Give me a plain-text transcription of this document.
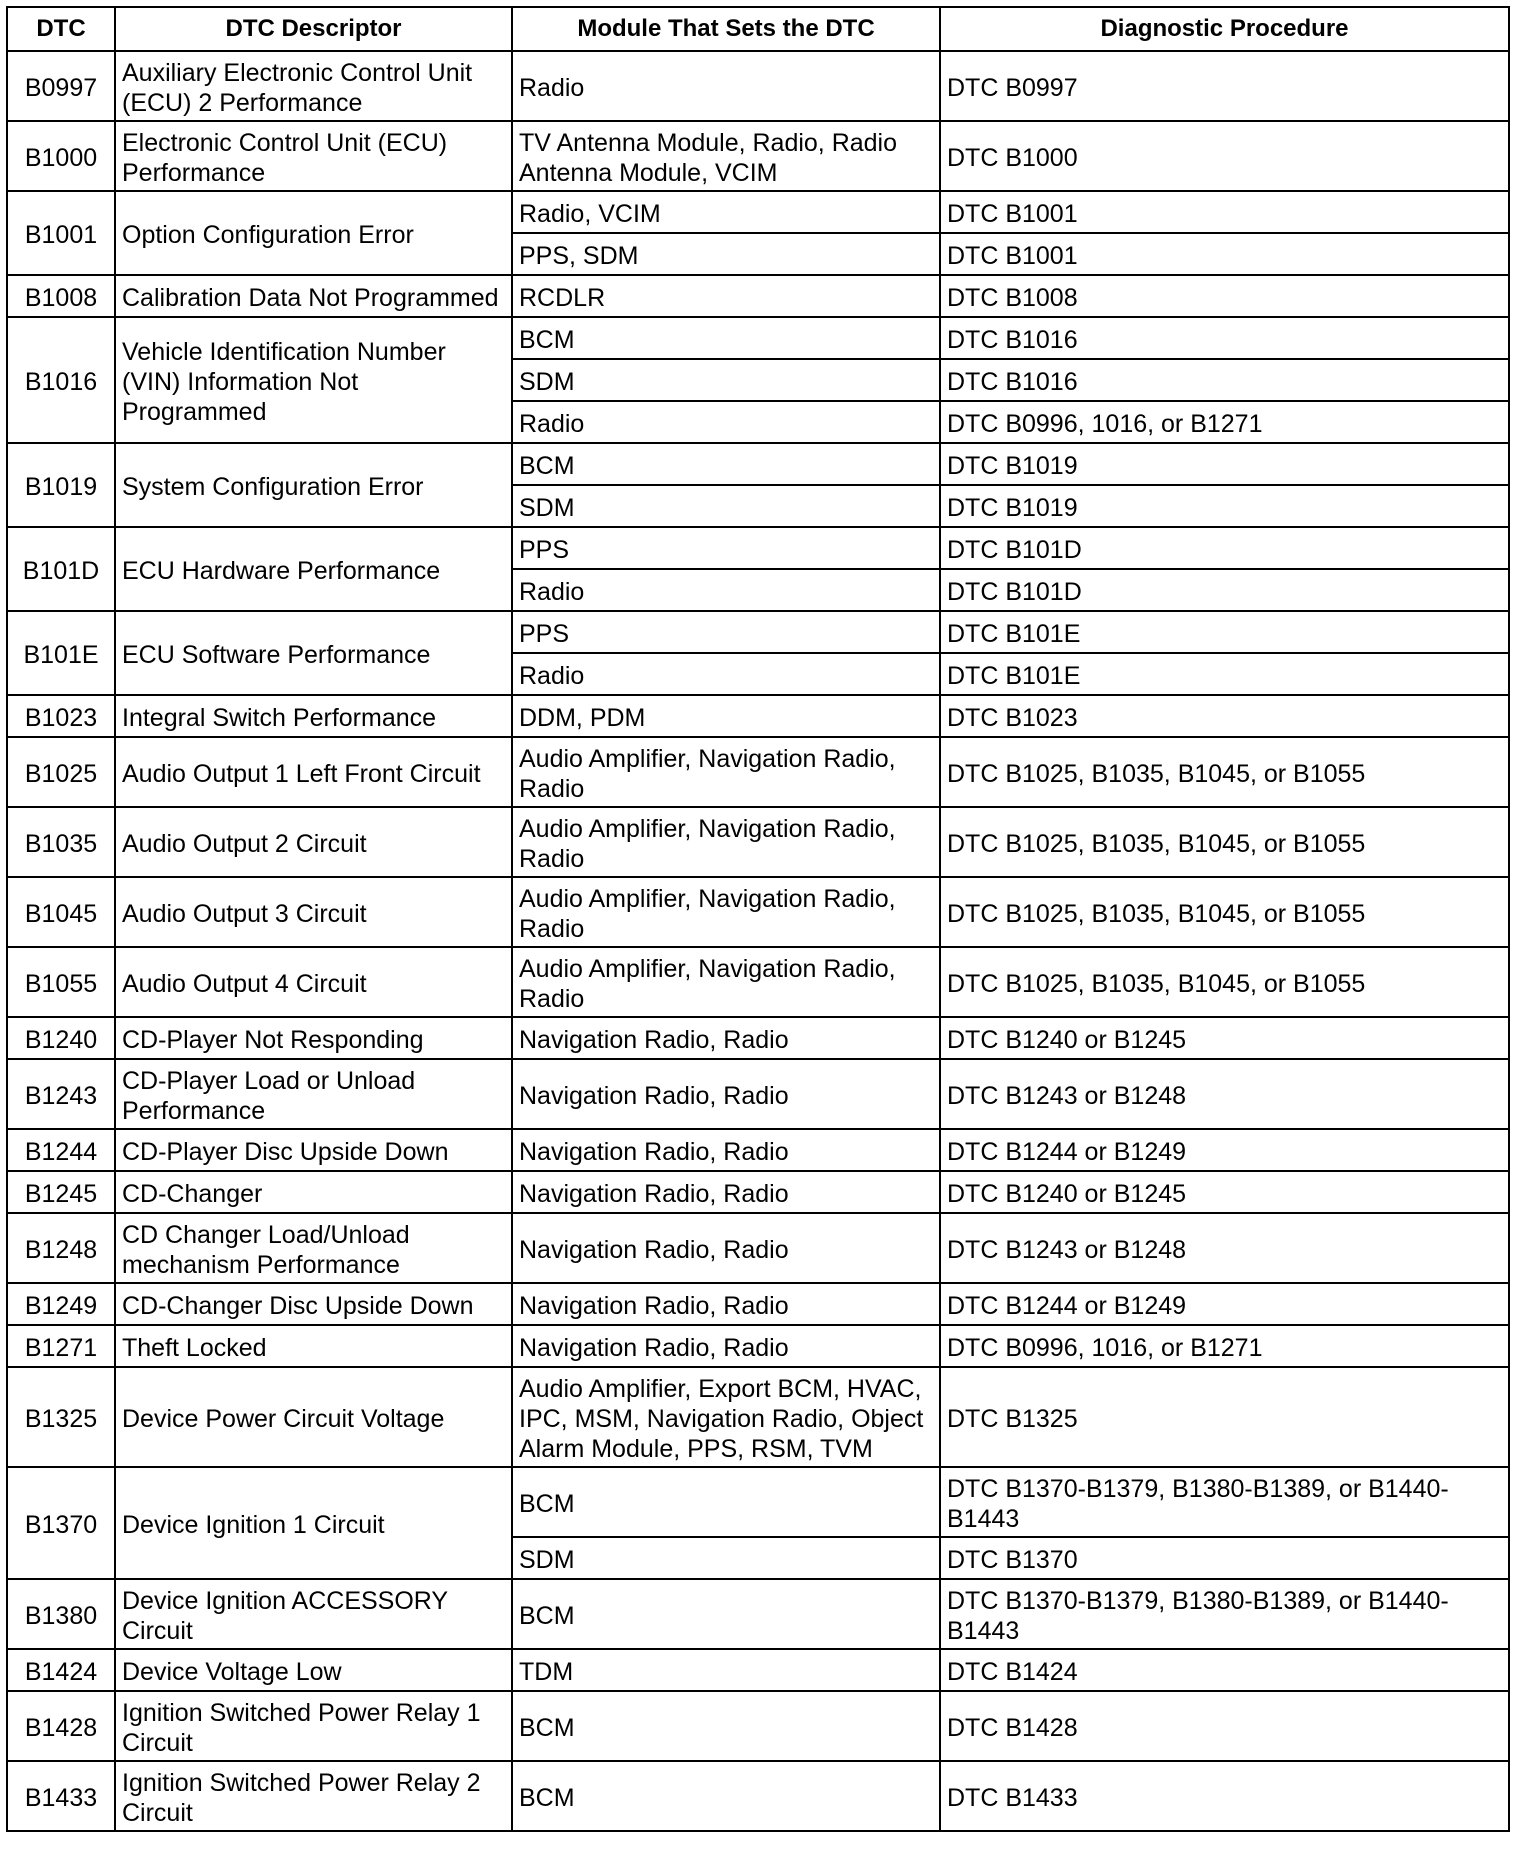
DTC	DTC Descriptor	Module That Sets the DTC	Diagnostic Procedure
B0997	Auxiliary Electronic Control Unit (ECU) 2 Performance	Radio	DTC B0997
B1000	Electronic Control Unit (ECU) Performance	TV Antenna Module, Radio, Radio Antenna Module, VCIM	DTC B1000
B1001	Option Configuration Error	Radio, VCIM	DTC B1001
		PPS, SDM	DTC B1001
B1008	Calibration Data Not Programmed	RCDLR	DTC B1008
B1016	Vehicle Identification Number (VIN) Information Not Programmed	BCM	DTC B1016
		SDM	DTC B1016
		Radio	DTC B0996, 1016, or B1271
B1019	System Configuration Error	BCM	DTC B1019
		SDM	DTC B1019
B101D	ECU Hardware Performance	PPS	DTC B101D
		Radio	DTC B101D
B101E	ECU Software Performance	PPS	DTC B101E
		Radio	DTC B101E
B1023	Integral Switch Performance	DDM, PDM	DTC B1023
B1025	Audio Output 1 Left Front Circuit	Audio Amplifier, Navigation Radio, Radio	DTC B1025, B1035, B1045, or B1055
B1035	Audio Output 2 Circuit	Audio Amplifier, Navigation Radio, Radio	DTC B1025, B1035, B1045, or B1055
B1045	Audio Output 3 Circuit	Audio Amplifier, Navigation Radio, Radio	DTC B1025, B1035, B1045, or B1055
B1055	Audio Output 4 Circuit	Audio Amplifier, Navigation Radio, Radio	DTC B1025, B1035, B1045, or B1055
B1240	CD-Player Not Responding	Navigation Radio, Radio	DTC B1240 or B1245
B1243	CD-Player Load or Unload Performance	Navigation Radio, Radio	DTC B1243 or B1248
B1244	CD-Player Disc Upside Down	Navigation Radio, Radio	DTC B1244 or B1249
B1245	CD-Changer	Navigation Radio, Radio	DTC B1240 or B1245
B1248	CD Changer Load/Unload mechanism Performance	Navigation Radio, Radio	DTC B1243 or B1248
B1249	CD-Changer Disc Upside Down	Navigation Radio, Radio	DTC B1244 or B1249
B1271	Theft Locked	Navigation Radio, Radio	DTC B0996, 1016, or B1271
B1325	Device Power Circuit Voltage	Audio Amplifier, Export BCM, HVAC, IPC, MSM, Navigation Radio, Object Alarm Module, PPS, RSM, TVM	DTC B1325
B1370	Device Ignition 1 Circuit	BCM	DTC B1370-B1379, B1380-B1389, or B1440-B1443
		SDM	DTC B1370
B1380	Device Ignition ACCESSORY Circuit	BCM	DTC B1370-B1379, B1380-B1389, or B1440-B1443
B1424	Device Voltage Low	TDM	DTC B1424
B1428	Ignition Switched Power Relay 1 Circuit	BCM	DTC B1428
B1433	Ignition Switched Power Relay 2 Circuit	BCM	DTC B1433
